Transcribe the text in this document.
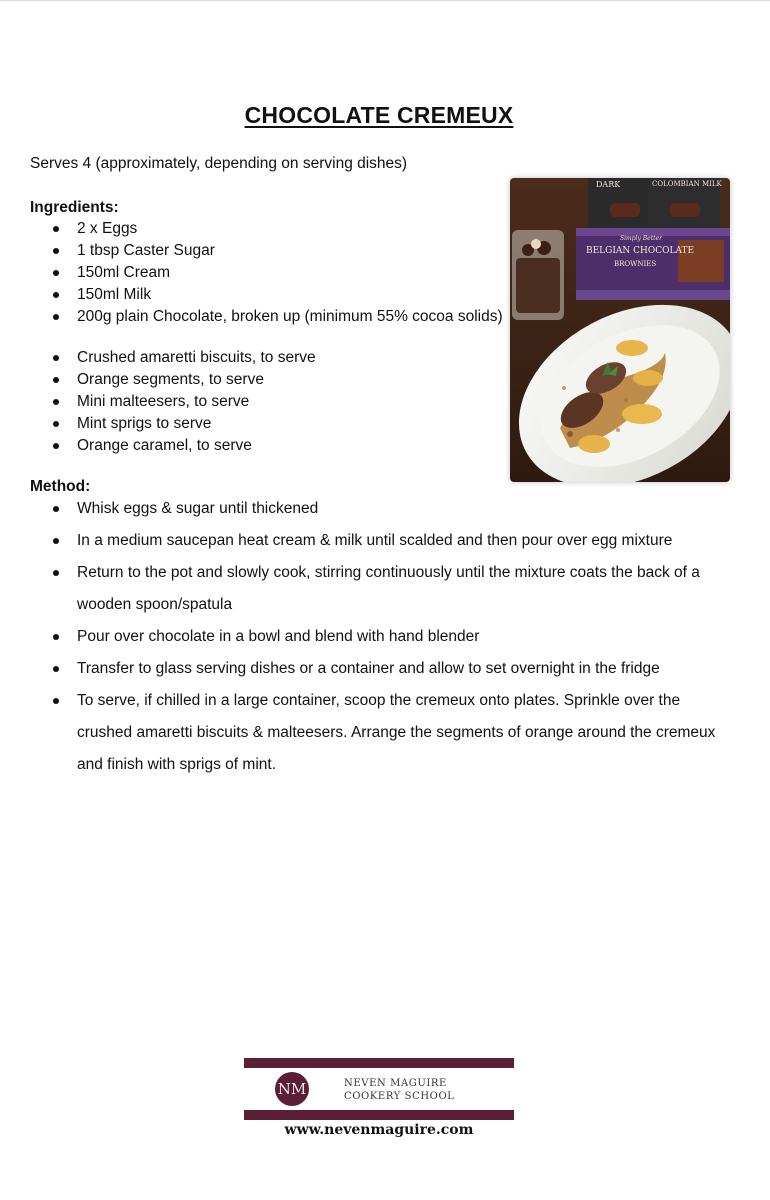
CHOCOLATE CREMEUX
Serves 4 (approximately, depending on serving dishes)
Ingredients:
2 x Eggs
1 tbsp Caster Sugar
150ml Cream
150ml Milk
200g plain Chocolate, broken up (minimum 55% cocoa solids)
Crushed amaretti biscuits, to serve
Orange segments, to serve
Mini malteesers, to serve
Mint sprigs to serve
Orange caramel, to serve
Method:
Whisk eggs & sugar until thickened
In a medium saucepan heat cream & milk until scalded and then pour over egg mixture
Return to the pot and slowly cook, stirring continuously until the mixture coats the back of a wooden spoon/spatula
Pour over chocolate in a bowl and blend with hand blender
Transfer to glass serving dishes or a container and allow to set overnight in the fridge
To serve, if chilled in a large container, scoop the cremeux onto plates. Sprinkle over the crushed amaretti biscuits & malteesers. Arrange the segments of orange around the cremeux and finish with sprigs of mint.
DARK	COLOMBIAN MILK
Simply Better
BELGIAN CHOCOLATE
BROWNIES
NM	NEVEN MAGUIRE
COOKERY SCHOOL
www.nevenmaguire.com
